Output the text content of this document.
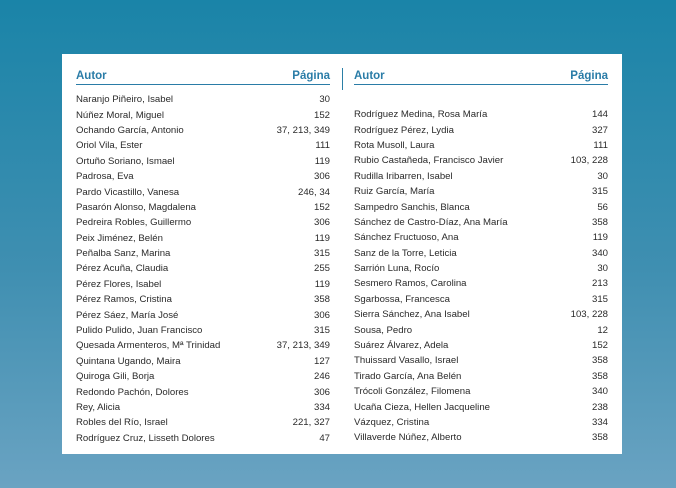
Autor	Página
Naranjo Piñeiro, Isabel	30
Núñez Moral, Miguel	152
Ochando García, Antonio	37, 213, 349
Oriol Vila, Ester	111
Ortuño Soriano, Ismael	119
Padrosa, Eva	306
Pardo Vicastillo, Vanesa	246, 34
Pasarón Alonso, Magdalena	152
Pedreira Robles, Guillermo	306
Peix Jiménez, Belén	119
Peñalba Sanz, Marina	315
Pérez Acuña, Claudia	255
Pérez Flores, Isabel	119
Pérez Ramos, Cristina	358
Pérez Sáez, María José	306
Pulido Pulido, Juan Francisco	315
Quesada Armenteros, Mª Trinidad	37, 213, 349
Quintana Ugando, Maira	127
Quiroga Gili, Borja	246
Redondo Pachón, Dolores	306
Rey, Alicia	334
Robles del Río, Israel	221, 327
Rodríguez Cruz, Lisseth Dolores	47
Autor	Página
Rodríguez Medina, Rosa María	144
Rodríguez Pérez, Lydia	327
Rota Musoll, Laura	111
Rubio Castañeda, Francisco Javier	103, 228
Rudilla Iribarren, Isabel	30
Ruiz García, María	315
Sampedro Sanchis, Blanca	56
Sánchez de Castro-Díaz, Ana María	358
Sánchez Fructuoso, Ana	119
Sanz de la Torre, Leticia	340
Sarrión Luna, Rocío	30
Sesmero Ramos, Carolina	213
Sgarbossa, Francesca	315
Sierra Sánchez, Ana Isabel	103, 228
Sousa, Pedro	12
Suárez Álvarez, Adela	152
Thuissard Vasallo, Israel	358
Tirado García, Ana Belén	358
Trócoli González, Filomena	340
Ucaña Cieza, Hellen Jacqueline	238
Vázquez, Cristina	334
Villaverde Núñez, Alberto	358
